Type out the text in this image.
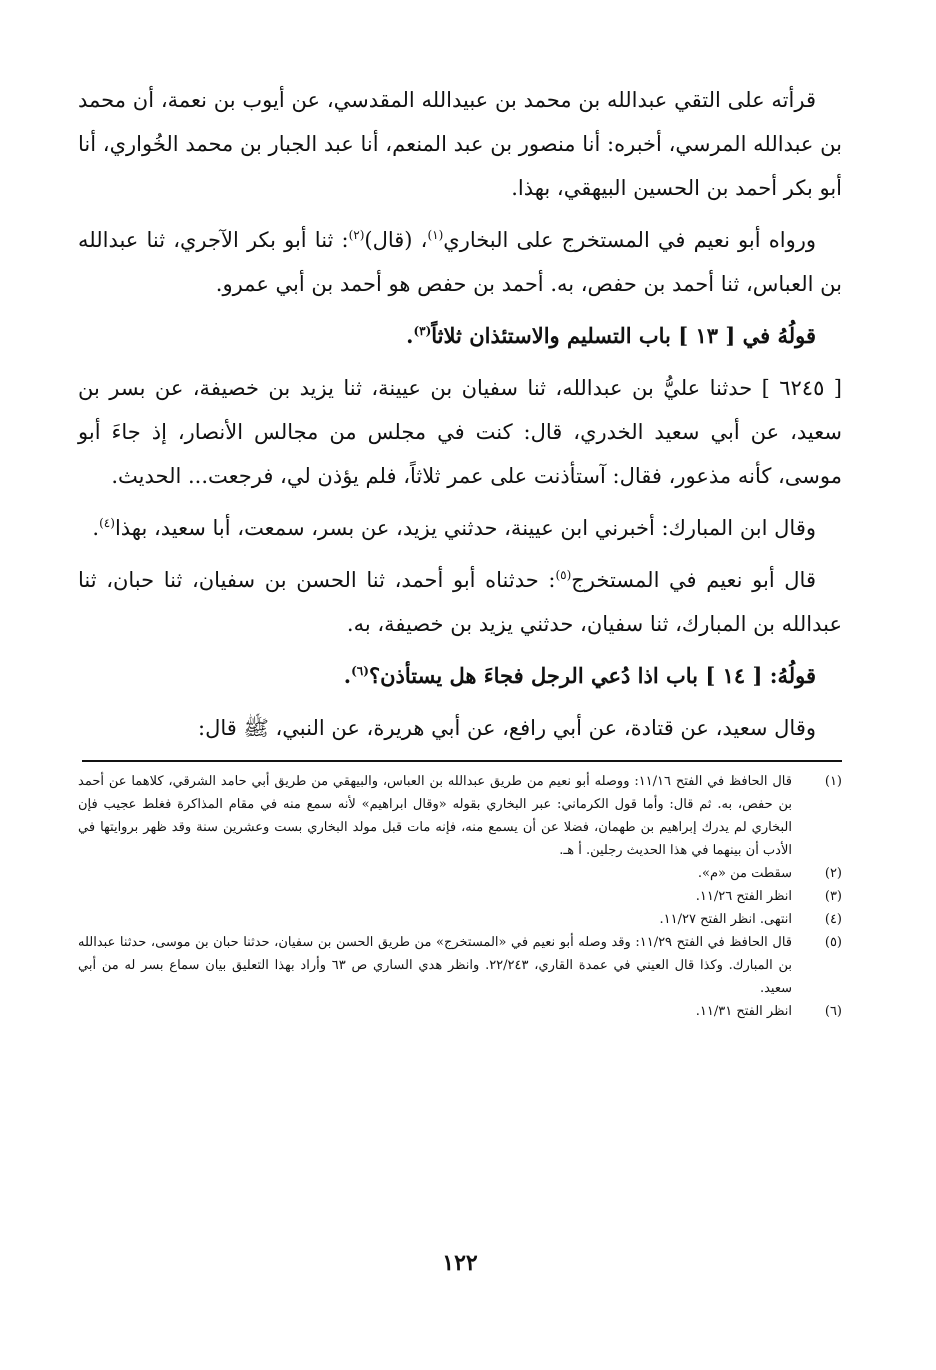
قرأته على التقي عبدالله بن محمد بن عبيدالله المقدسي، عن أيوب بن نعمة، أن محمد بن عبدالله المرسي، أخبره: أنا منصور بن عبد المنعم، أنا عبد الجبار بن محمد الخُواري، أنا أبو بكر أحمد بن الحسين البيهقي، بهذا.

ورواه أبو نعيم في المستخرج على البخاري$^{(١)}$، (قال)$^{(٢)}$: ثنا أبو بكر الآجري، ثنا عبدالله بن العباس، ثنا أحمد بن حفص، به. أحمد بن حفص هو أحمد بن أبي عمرو.

قولُهُ في [ ١٣ ] باب التسليم والاستئذان ثلاثاً$^{(٣)}$.

[ ٦٢٤٥ ] حدثنا عليُّ بن عبدالله، ثنا سفيان بن عيينة، ثنا يزيد بن خصيفة، عن بسر بن سعيد، عن أبي سعيد الخدري، قال: كنت في مجلس من مجالس الأنصار، إذ جاءَ أبو موسى، كأنه مذعور، فقال: آستأذنت على عمر ثلاثاً، فلم يؤذن لي، فرجعت... الحديث.

وقال ابن المبارك: أخبرني ابن عيينة، حدثني يزيد، عن بسر، سمعت، أبا سعيد، بهذا$^{(٤)}$.

قال أبو نعيم في المستخرج$^{(٥)}$: حدثناه أبو أحمد، ثنا الحسن بن سفيان، ثنا حبان، ثنا عبدالله بن المبارك، ثنا سفيان، حدثني يزيد بن خصيفة، به.

قولُهُ: [ ١٤ ] باب اذا دُعي الرجل فجاءَ هل يستأذن؟$^{(٦)}$.

وقال سعيد، عن قتادة، عن أبي رافع، عن أبي هريرة، عن النبي، ﷺ قال:

(١)
قال الحافظ في الفتح ١١/١٦: ووصله أبو نعيم من طريق عبدالله بن العباس، والبيهقي من طريق أبي حامد الشرقي، كلاهما عن أحمد بن حفص، به. ثم قال: وأما قول الكرماني: عبر البخاري بقوله «وقال ابراهيم» لأنه سمع منه في مقام المذاكرة فغلط عجيب فإن البخاري لم يدرك إبراهيم بن طهمان، فضلا عن أن يسمع منه، فإنه مات قبل مولد البخاري بست وعشرين سنة وقد ظهر بروايتها في الأدب أن بينهما في هذا الحديث رجلين. أ هـ.
(٢)
سقطت من «م».
(٣)
انظر الفتح ١١/٢٦.
(٤)
انتهى. انظر الفتح ١١/٢٧.
(٥)
قال الحافظ في الفتح ١١/٢٩: وقد وصله أبو نعيم في «المستخرج» من طريق الحسن بن سفيان، حدثنا حبان بن موسى، حدثنا عبدالله بن المبارك. وكذا قال العيني في عمدة القاري، ٢٢/٢٤٣. وانظر هدي الساري ص ٦٣ وأراد بهذا التعليق بيان سماع بسر له من أبي سعيد.
(٦)
انظر الفتح ١١/٣١.
١٢٢
